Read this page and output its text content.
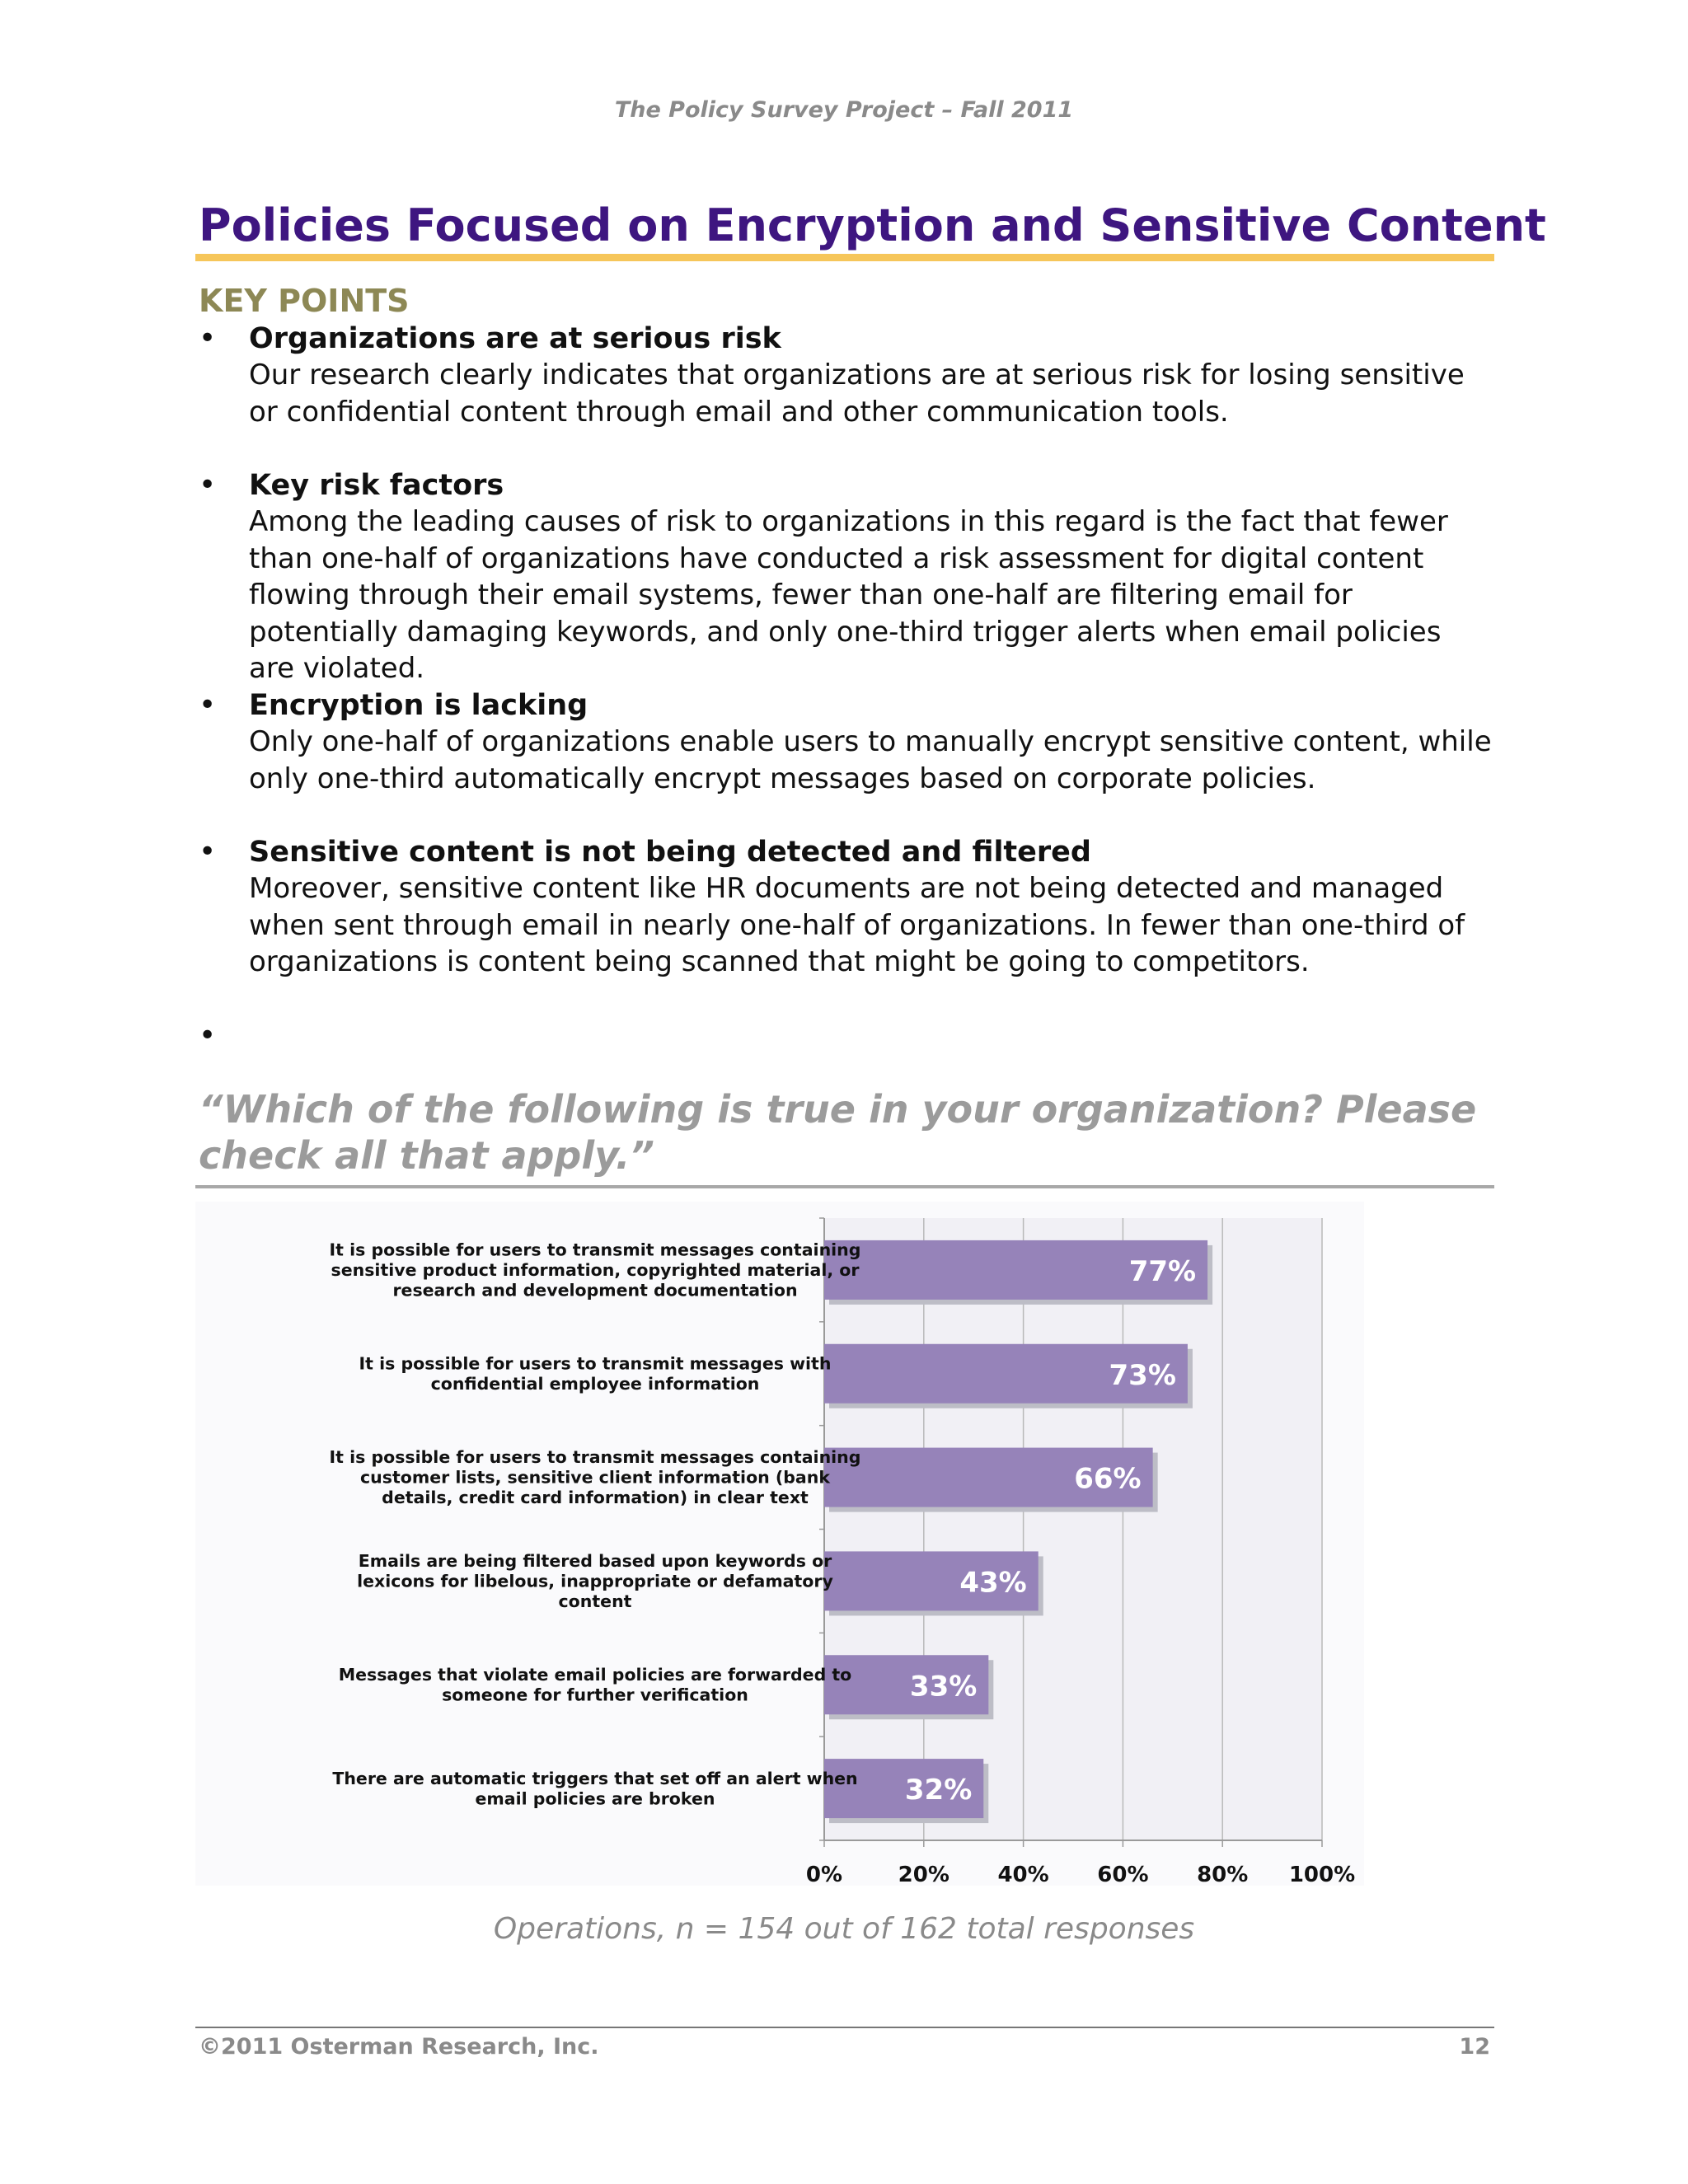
The Policy Survey Project – Fall 2011
Policies Focused on Encryption and Sensitive Content
KEY POINTS
• Organizations are at serious risk
Our research clearly indicates that organizations are at serious risk for losing sensitive or confidential content through email and other communication tools.
• Key risk factors
Among the leading causes of risk to organizations in this regard is the fact that fewer than one-half of organizations have conducted a risk assessment for digital content flowing through their email systems, fewer than one-half are filtering email for potentially damaging keywords, and only one-third trigger alerts when email policies are violated.
• Encryption is lacking
Only one-half of organizations enable users to manually encrypt sensitive content, while only one-third automatically encrypt messages based on corporate policies.
• Sensitive content is not being detected and filtered
Moreover, sensitive content like HR documents are not being detected and managed when sent through email in nearly one-half of organizations. In fewer than one-third of organizations is content being scanned that might be going to competitors.
•
“Which of the following is true in your organization? Please check all that apply.”
0%	20% 40% 60% 80% 100%
77%
It is possible for users to transmit messages containing sensitive product information, copyrighted material, or research and development documentation
73%
It is possible for users to transmit messages with confidential employee information
66%
It is possible for users to transmit messages containing customer lists, sensitive client information (bank details, credit card information) in clear text
43%
Emails are being filtered based upon keywords or lexicons for libelous, inappropriate or defamatory content
33%
Messages that violate email policies are forwarded to someone for further verification
32%
There are automatic triggers that set off an alert when email policies are broken
Operations, n = 154 out of 162 total responses
©2011 Osterman Research, Inc.	12
